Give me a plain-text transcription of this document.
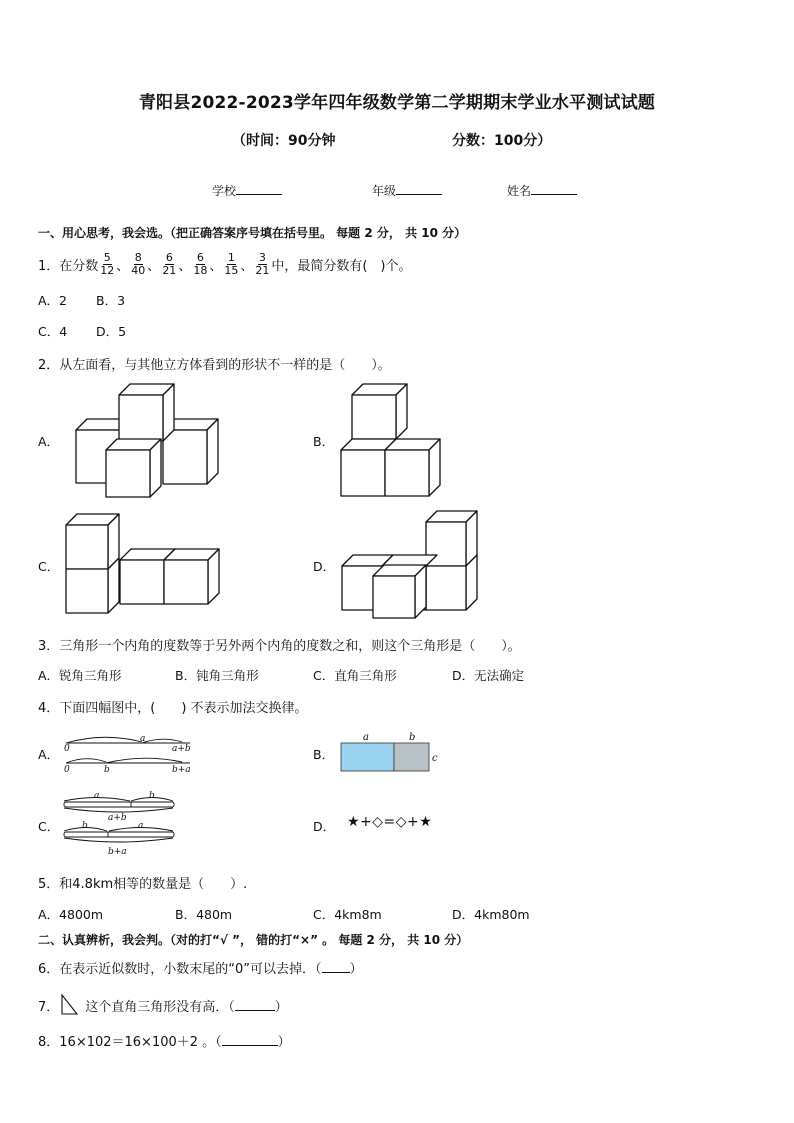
青阳县2022-2023学年四年级数学第二学期期末学业水平测试试题
（时间：90分钟	分数：100分）
学校	年级	姓名
一、用心思考，我会选。（把正确答案序号填在括号里。 每题 2 分， 共 10 分）
1．在分数 $\frac{5}{12}$ 、 $\frac{8}{40}$ 、 $\frac{6}{21}$ 、 $\frac{6}{18}$ 、 $\frac{1}{15}$ 、 $\frac{3}{21}$ 中，最简分数有(　)个。
A．2 B．3
C．4 D．5
2．从左面看，与其他立方体看到的形状不一样的是（　　）。
A．	B．
C．	D．
3．三角形一个内角的度数等于另外两个内角的度数之和，则这个三角形是（　　）。
A．锐角三角形	B．钝角三角形	C．直角三角形	D．无法确定
4．下面四幅图中，(　　) 不表示加法交换律。
A．	B．
C．	D．
0
a
a+b
0	b	b+a
a	b
c
a	b
a+b
b	a
b+a
★+◇=◇+★
5．和4.8km相等的数量是（　　）.
A．4800m	B．480m	C．4km8m	D．4km80m
二、认真辨析，我会判。（对的打“√ ”， 错的打“×” 。 每题 2 分， 共 10 分）
6．在表示近似数时，小数末尾的“0”可以去掉．（ ）
7． 这个直角三角形没有高．（	）
8．16×102＝16×100＋2 。（	）
